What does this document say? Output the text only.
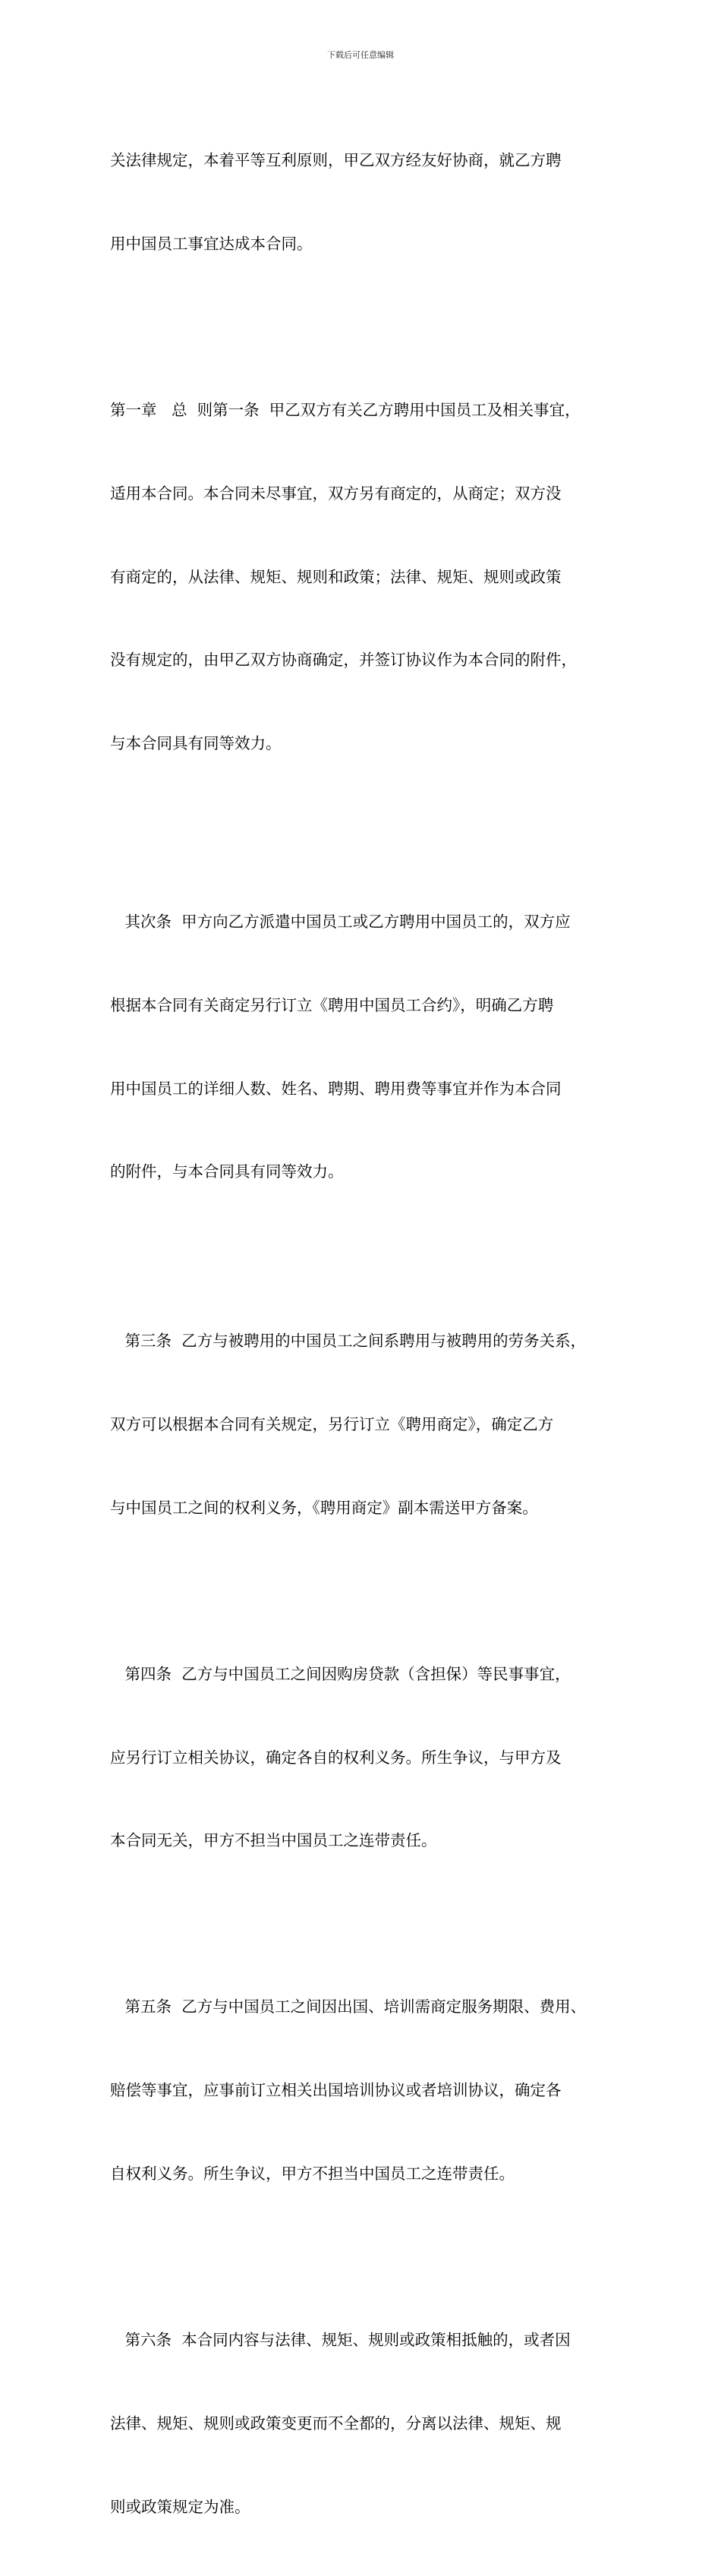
下载后可任意编辑

关法律规定，本着平等互利原则，甲乙双方经友好协商，就乙方聘

用中国员工事宜达成本合同。

第一章   总  则第一条  甲乙双方有关乙方聘用中国员工及相关事宜，

适用本合同。本合同未尽事宜，双方另有商定的，从商定；双方没

有商定的，从法律、规矩、规则和政策；法律、规矩、规则或政策

没有规定的，由甲乙双方协商确定，并签订协议作为本合同的附件，

与本合同具有同等效力。

其次条  甲方向乙方派遣中国员工或乙方聘用中国员工的，双方应

根据本合同有关商定另行订立《聘用中国员工合约》，明确乙方聘

用中国员工的详细人数、姓名、聘期、聘用费等事宜并作为本合同

的附件，与本合同具有同等效力。

第三条  乙方与被聘用的中国员工之间系聘用与被聘用的劳务关系，

双方可以根据本合同有关规定，另行订立《聘用商定》，确定乙方

与中国员工之间的权利义务，《聘用商定》副本需送甲方备案。

第四条  乙方与中国员工之间因购房贷款（含担保）等民事事宜，

应另行订立相关协议，确定各自的权利义务。所生争议，与甲方及

本合同无关，甲方不担当中国员工之连带责任。

第五条  乙方与中国员工之间因出国、培训需商定服务期限、费用、

赔偿等事宜，应事前订立相关出国培训协议或者培训协议，确定各

自权利义务。所生争议，甲方不担当中国员工之连带责任。

第六条  本合同内容与法律、规矩、规则或政策相抵触的，或者因

法律、规矩、规则或政策变更而不全都的，分离以法律、规矩、规

则或政策规定为准。
